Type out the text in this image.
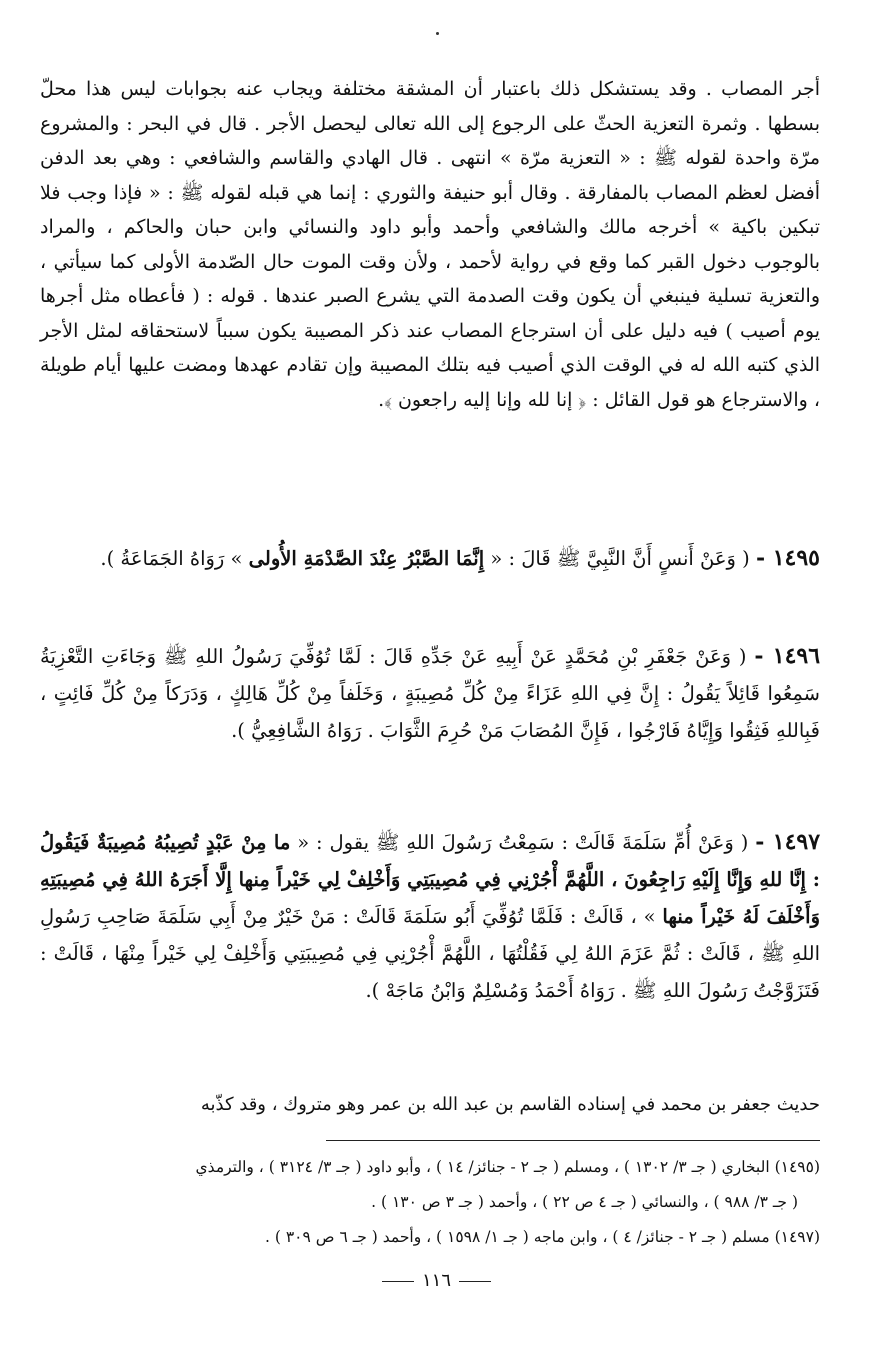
أجر المصاب . وقد يستشكل ذلك باعتبار أن المشقة مختلفة ويجاب عنه بجوابات ليس هذا محلّ بسطها . وثمرة التعزية الحثّ على الرجوع إلى الله تعالى ليحصل الأجر . قال في البحر : والمشروع مرّة واحدة لقوله ﷺ : « التعزية مرّة » انتهى . قال الهادي والقاسم والشافعي : وهي بعد الدفن أفضل لعظم المصاب بالمفارقة . وقال أبو حنيفة والثوري : إنما هي قبله لقوله ﷺ : « فإذا وجب فلا تبكين باكية » أخرجه مالك والشافعي وأحمد وأبو داود والنسائي وابن حبان والحاكم ، والمراد بالوجوب دخول القبر كما وقع في رواية لأحمد ، ولأن وقت الموت حال الصّدمة الأولى كما سيأتي ، والتعزية تسلية فينبغي أن يكون وقت الصدمة التي يشرع الصبر عندها . قوله : ( فأعطاه مثل أجرها يوم أصيب ) فيه دليل على أن استرجاع المصاب عند ذكر المصيبة يكون سبباً لاستحقاقه لمثل الأجر الذي كتبه الله له في الوقت الذي أصيب فيه بتلك المصيبة وإن تقادم عهدها ومضت عليها أيام طويلة ، والاسترجاع هو قول القائل : ﴿ إنا لله وإنا إليه راجعون ﴾.

١٤٩٥ - ( وَعَنْ أَنسٍ أَنَّ النَّبِيَّ ﷺ قَالَ : « إِنَّمَا الصَّبْرُ عِنْدَ الصَّدْمَةِ الأُولى » رَوَاهُ الجَمَاعَةُ ).
١٤٩٦ - ( وَعَنْ جَعْفَرِ بْنِ مُحَمَّدٍ عَنْ أَبِيهِ عَنْ جَدِّهِ قَالَ : لَمَّا تُوُفِّيَ رَسُولُ اللهِ ﷺ وَجَاءَتِ التَّعْزِيَةُ سَمِعُوا قَائِلاً يَقُولُ : إِنَّ فِي اللهِ عَزَاءً مِنْ كُلِّ مُصِيبَةٍ ، وَخَلَفاً مِنْ كُلِّ هَالِكٍ ، وَدَرَكاً مِنْ كُلِّ فَائِتٍ ، فَبِاللهِ فَثِقُوا وَإِيَّاهُ فَارْجُوا ، فَإِنَّ المُصَابَ مَنْ حُرِمَ الثَّوَابَ . رَوَاهُ الشَّافِعِيُّ ).
١٤٩٧ - ( وَعَنْ أُمِّ سَلَمَةَ قَالَتْ : سَمِعْتُ رَسُولَ اللهِ ﷺ يقول : « ما مِنْ عَبْدٍ تُصِيبُهُ مُصِيبَةٌ فَيَقُولُ : إِنَّا للهِ وَإِنَّا إِلَيْهِ رَاجِعُونَ ، اللَّهُمَّ أْجُرْنِي فِي مُصِيبَتِي وَأَخْلِفْ لِي خَيْراً مِنها إِلَّا أَجَرَهُ اللهُ فِي مُصِيبَتِهِ وَأَخْلَفَ لَهُ خَيْراً منها » ، قَالَتْ : فَلَمَّا تُوُفِّيَ أَبُو سَلَمَةَ قَالَتْ : مَنْ خَيْرٌ مِنْ أَبِي سَلَمَةَ صَاحِبِ رَسُولِ اللهِ ﷺ ، قَالَتْ : ثُمَّ عَزَمَ اللهُ لِي فَقُلْتُهَا ، اللَّهُمَّ أْجُرْنِي فِي مُصِيبَتِي وَأَخْلِفْ لِي خَيْراً مِنْهَا ، قَالَتْ : فَتَزَوَّجْتُ رَسُولَ اللهِ ﷺ . رَوَاهُ أَحْمَدُ وَمُسْلِمٌ وَابْنُ مَاجَهْ ).
حديث جعفر بن محمد في إسناده القاسم بن عبد الله بن عمر وهو متروك ، وقد كذّبه

(١٤٩٥) البخاري ( جـ ٣/ ١٣٠٢ ) ، ومسلم ( جـ ٢ - جنائز/ ١٤ ) ، وأبو داود ( جـ ٣/ ٣١٢٤ ) ، والترمذي

( جـ ٣/ ٩٨٨ ) ، والنسائي ( جـ ٤ ص ٢٢ ) ، وأحمد ( جـ ٣ ص ١٣٠ ) .

(١٤٩٧) مسلم ( جـ ٢ - جنائز/ ٤ ) ، وابن ماجه ( جـ ١/ ١٥٩٨ ) ، وأحمد ( جـ ٦ ص ٣٠٩ ) .

١١٦
